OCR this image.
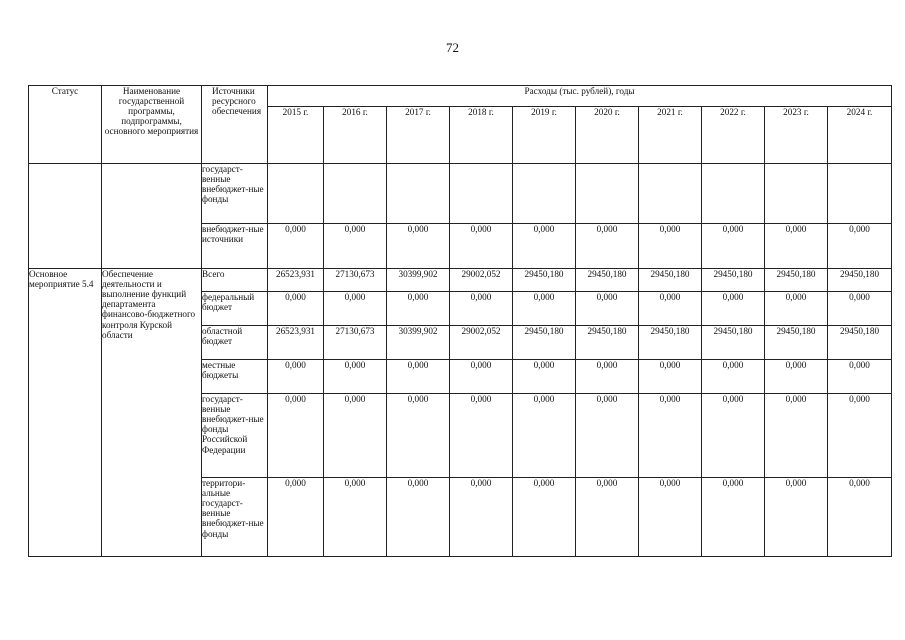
72
Статус	Наименование государственной программы, подпрограммы, основного мероприятия	Источники ресурсного обеспечения	Расходы (тыс. рублей), годы									
			2015 г.	2016 г.	2017 г.	2018 г.	2019 г.	2020 г.	2021 г.	2022 г.	2023 г.	2024 г.
		государст-венные внебюджет-ные фонды										
		внебюджет-ные источники	0,000	0,000	0,000	0,000	0,000	0,000	0,000	0,000	0,000	0,000
Основное мероприятие 5.4	Обеспечение деятельности и выполнение функций департамента финансово-бюджетного контроля Курской области	Всего	26523,931	27130,673	30399,902	29002,052	29450,180	29450,180	29450,180	29450,180	29450,180	29450,180
		федеральный бюджет	0,000	0,000	0,000	0,000	0,000	0,000	0,000	0,000	0,000	0,000
		областной бюджет	26523,931	27130,673	30399,902	29002,052	29450,180	29450,180	29450,180	29450,180	29450,180	29450,180
		местные бюджеты	0,000	0,000	0,000	0,000	0,000	0,000	0,000	0,000	0,000	0,000
		государст-венные внебюджет-ные фонды Российской Федерации	0,000	0,000	0,000	0,000	0,000	0,000	0,000	0,000	0,000	0,000
		территори-альные государст-венные внебюджет-ные фонды	0,000	0,000	0,000	0,000	0,000	0,000	0,000	0,000	0,000	0,000
